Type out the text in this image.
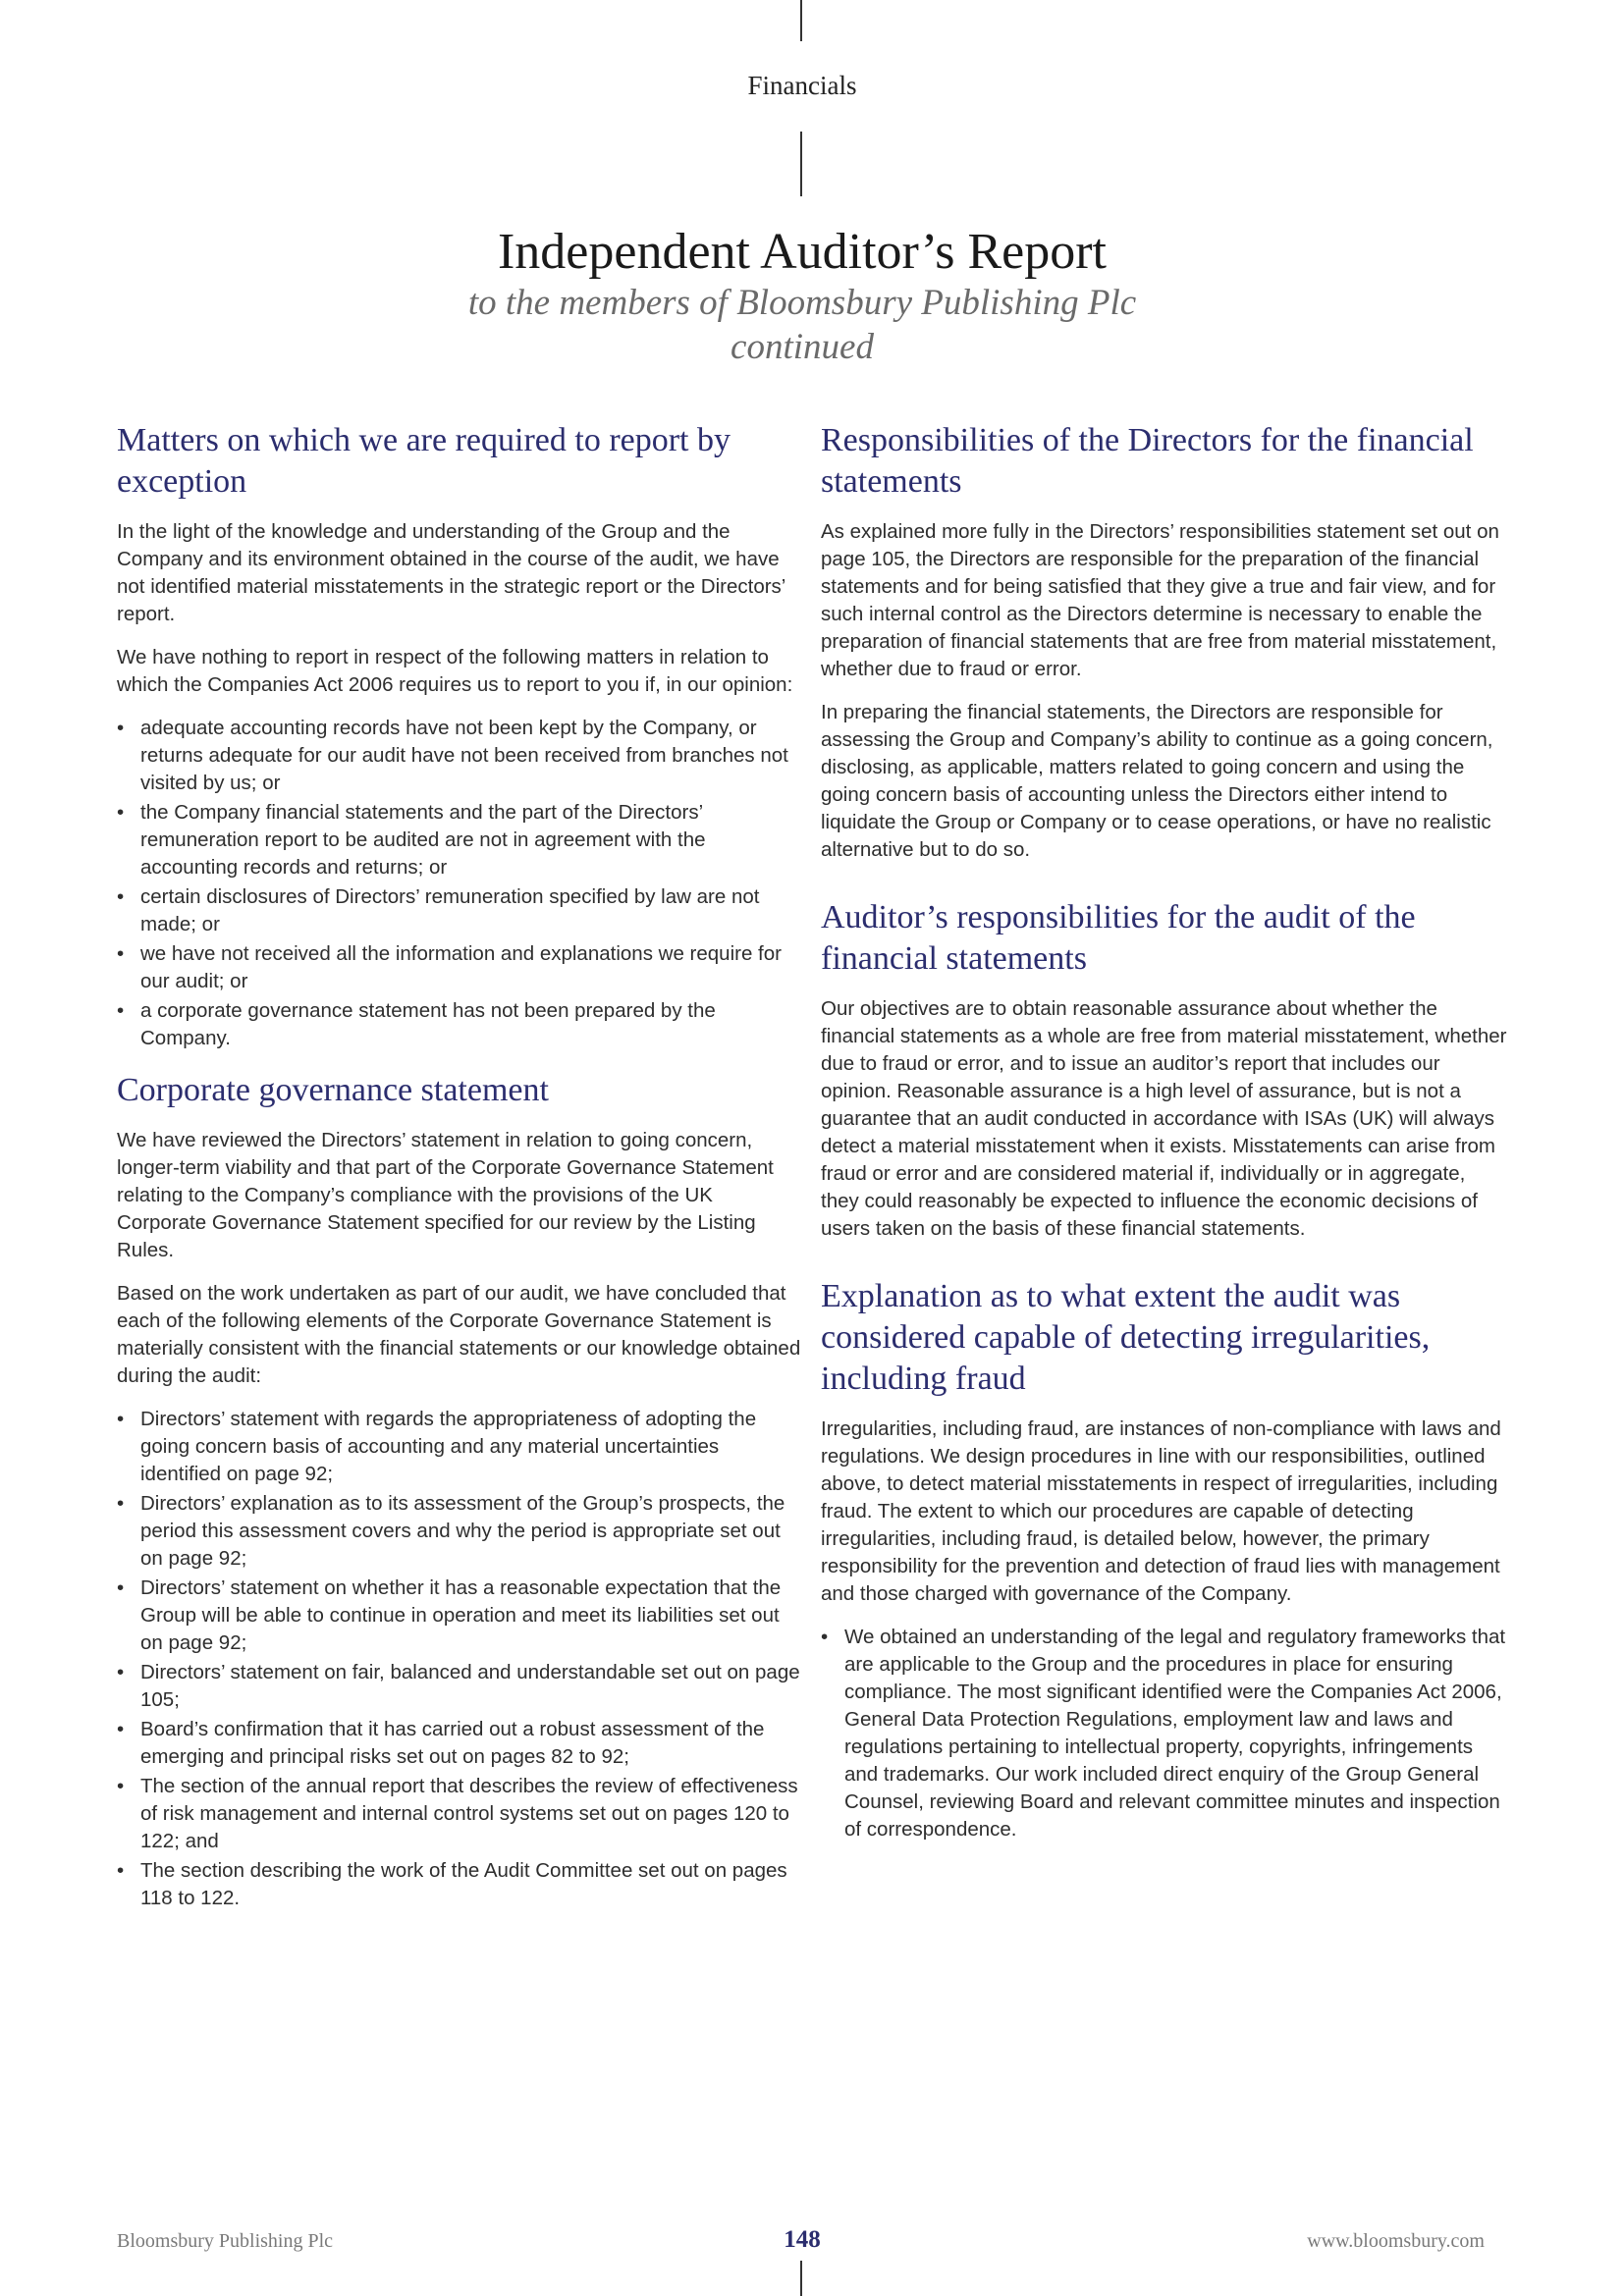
Financials
Independent Auditor’s Report
to the members of Bloomsbury Publishing Plc
continued
Matters on which we are required to report by exception

In the light of the knowledge and understanding of the Group and the Company and its environment obtained in the course of the audit, we have not identified material misstatements in the strategic report or the Directors’ report.

We have nothing to report in respect of the following matters in relation to which the Companies Act 2006 requires us to report to you if, in our opinion:

• adequate accounting records have not been kept by the Company, or returns adequate for our audit have not been received from branches not visited by us; or
• the Company financial statements and the part of the Directors’ remuneration report to be audited are not in agreement with the accounting records and returns; or
• certain disclosures of Directors’ remuneration specified by law are not made; or
• we have not received all the information and explanations we require for our audit; or
• a corporate governance statement has not been prepared by the Company.
Corporate governance statement

We have reviewed the Directors’ statement in relation to going concern, longer-term viability and that part of the Corporate Governance Statement relating to the Company’s compliance with the provisions of the UK Corporate Governance Statement specified for our review by the Listing Rules.

Based on the work undertaken as part of our audit, we have concluded that each of the following elements of the Corporate Governance Statement is materially consistent with the financial statements or our knowledge obtained during the audit:

• Directors’ statement with regards the appropriateness of adopting the going concern basis of accounting and any material uncertainties identified on page 92;
• Directors’ explanation as to its assessment of the Group’s prospects, the period this assessment covers and why the period is appropriate set out on page 92;
• Directors’ statement on whether it has a reasonable expectation that the Group will be able to continue in operation and meet its liabilities set out on page 92;
• Directors’ statement on fair, balanced and understandable set out on page 105;
• Board’s confirmation that it has carried out a robust assessment of the emerging and principal risks set out on pages 82 to 92;
• The section of the annual report that describes the review of effectiveness of risk management and internal control systems set out on pages 120 to 122; and
• The section describing the work of the Audit Committee set out on pages 118 to 122.
Responsibilities of the Directors for the financial statements

As explained more fully in the Directors’ responsibilities statement set out on page 105, the Directors are responsible for the preparation of the financial statements and for being satisfied that they give a true and fair view, and for such internal control as the Directors determine is necessary to enable the preparation of financial statements that are free from material misstatement, whether due to fraud or error.

In preparing the financial statements, the Directors are responsible for assessing the Group and Company’s ability to continue as a going concern, disclosing, as applicable, matters related to going concern and using the going concern basis of accounting unless the Directors either intend to liquidate the Group or Company or to cease operations, or have no realistic alternative but to do so.

Auditor’s responsibilities for the audit of the financial statements

Our objectives are to obtain reasonable assurance about whether the financial statements as a whole are free from material misstatement, whether due to fraud or error, and to issue an auditor’s report that includes our opinion. Reasonable assurance is a high level of assurance, but is not a guarantee that an audit conducted in accordance with ISAs (UK) will always detect a material misstatement when it exists. Misstatements can arise from fraud or error and are considered material if, individually or in aggregate, they could reasonably be expected to influence the economic decisions of users taken on the basis of these financial statements.

Explanation as to what extent the audit was considered capable of detecting irregularities, including fraud

Irregularities, including fraud, are instances of non-compliance with laws and regulations. We design procedures in line with our responsibilities, outlined above, to detect material misstatements in respect of irregularities, including fraud. The extent to which our procedures are capable of detecting irregularities, including fraud, is detailed below, however, the primary responsibility for the prevention and detection of fraud lies with management and those charged with governance of the Company.

• We obtained an understanding of the legal and regulatory frameworks that are applicable to the Group and the procedures in place for ensuring compliance. The most significant identified were the Companies Act 2006, General Data Protection Regulations, employment law and laws and regulations pertaining to intellectual property, copyrights, infringements and trademarks. Our work included direct enquiry of the Group General Counsel, reviewing Board and relevant committee minutes and inspection of correspondence.
Bloomsbury Publishing Plc	148	www.bloomsbury.com
